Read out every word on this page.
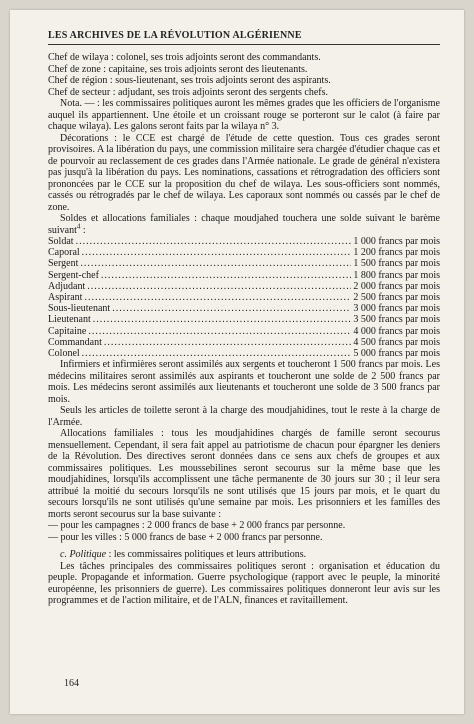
LES ARCHIVES DE LA RÉVOLUTION ALGÉRIENNE

Chef de wilaya : colonel, ses trois adjoints seront des commandants.

Chef de zone : capitaine, ses trois adjoints seront des lieutenants.

Chef de région : sous-lieutenant, ses trois adjoints seront des aspirants.

Chef de secteur : adjudant, ses trois adjoints seront des sergents chefs.

Nota. — : les commissaires politiques auront les mêmes grades que les officiers de l'organisme auquel ils appartiennent. Une étoile et un croissant rouge se porteront sur le calot (à faire par chaque wilaya). Les galons seront faits par la wilaya n° 3.

Décorations : le CCE est chargé de l'étude de cette question. Tous ces grades seront provisoires. A la libération du pays, une commission militaire sera chargée d'étudier chaque cas et de pourvoir au reclassement de ces grades dans l'Armée nationale. Le grade de général n'existera pas jusqu'à la libération du pays. Les nominations, cassations et rétrogradation des officiers sont prononcées par le CCE sur la proposition du chef de wilaya. Les sous-officiers sont nommés, cassés ou rétrogradés par le chef de wilaya. Les caporaux sont nommés ou cassés par le chef de zone.

Soldes et allocations familiales : chaque moudjahed touchera une solde suivant le barème suivant$^4$ :

Soldat .....	1 000 francs par mois
Caporal .....	1 200 francs par mois
Sergent .....	1 500 francs par mois
Sergent-chef .....	1 800 francs par mois
Adjudant .....	2 000 francs par mois
Aspirant .....	2 500 francs par mois
Sous-lieutenant .....	3 000 francs par mois
Lieutenant .....	3 500 francs par mois
Capitaine .....	4 000 francs par mois
Commandant .....	4 500 francs par mois
Colonel .....	5 000 francs par mois

Infirmiers et infirmières seront assimilés aux sergents et toucheront 1 500 francs par mois. Les médecins militaires seront assimilés aux aspirants et toucheront une solde de 2 500 francs par mois. Les médecins seront assimilés aux lieutenants et toucheront une solde de 3 500 francs par mois.

Seuls les articles de toilette seront à la charge des moudjahidines, tout le reste à la charge de l'Armée.

Allocations familiales : tous les moudjahidines chargés de famille seront secourus mensuellement. Cependant, il sera fait appel au patriotisme de chacun pour épargner les deniers de la Révolution. Des directives seront données dans ce sens aux chefs de groupes et aux commissaires politiques. Les moussebilines seront secourus sur la même base que les moudjahidines, lorsqu'ils accomplissent une tâche permanente de 30 jours sur 30 ; il leur sera attribué la moitié du secours lorsqu'ils ne sont utilisés que 15 jours par mois, et le quart du secours lorsqu'ils ne sont utilisés qu'une semaine par mois. Les prisonniers et les familles des morts seront secourus sur la base suivante :

— pour les campagnes : 2 000 francs de base + 2 000 francs par personne.

— pour les villes : 5 000 francs de base + 2 000 francs par personne.

c. Politique : les commissaires politiques et leurs attributions.

Les tâches principales des commissaires politiques seront : organisation et éducation du peuple. Propagande et information. Guerre psychologique (rapport avec le peuple, la minorité européenne, les prisonniers de guerre). Les commissaires politiques donneront leur avis sur les programmes et de l'action militaire, et de l'ALN, finances et ravitaillement.

164
